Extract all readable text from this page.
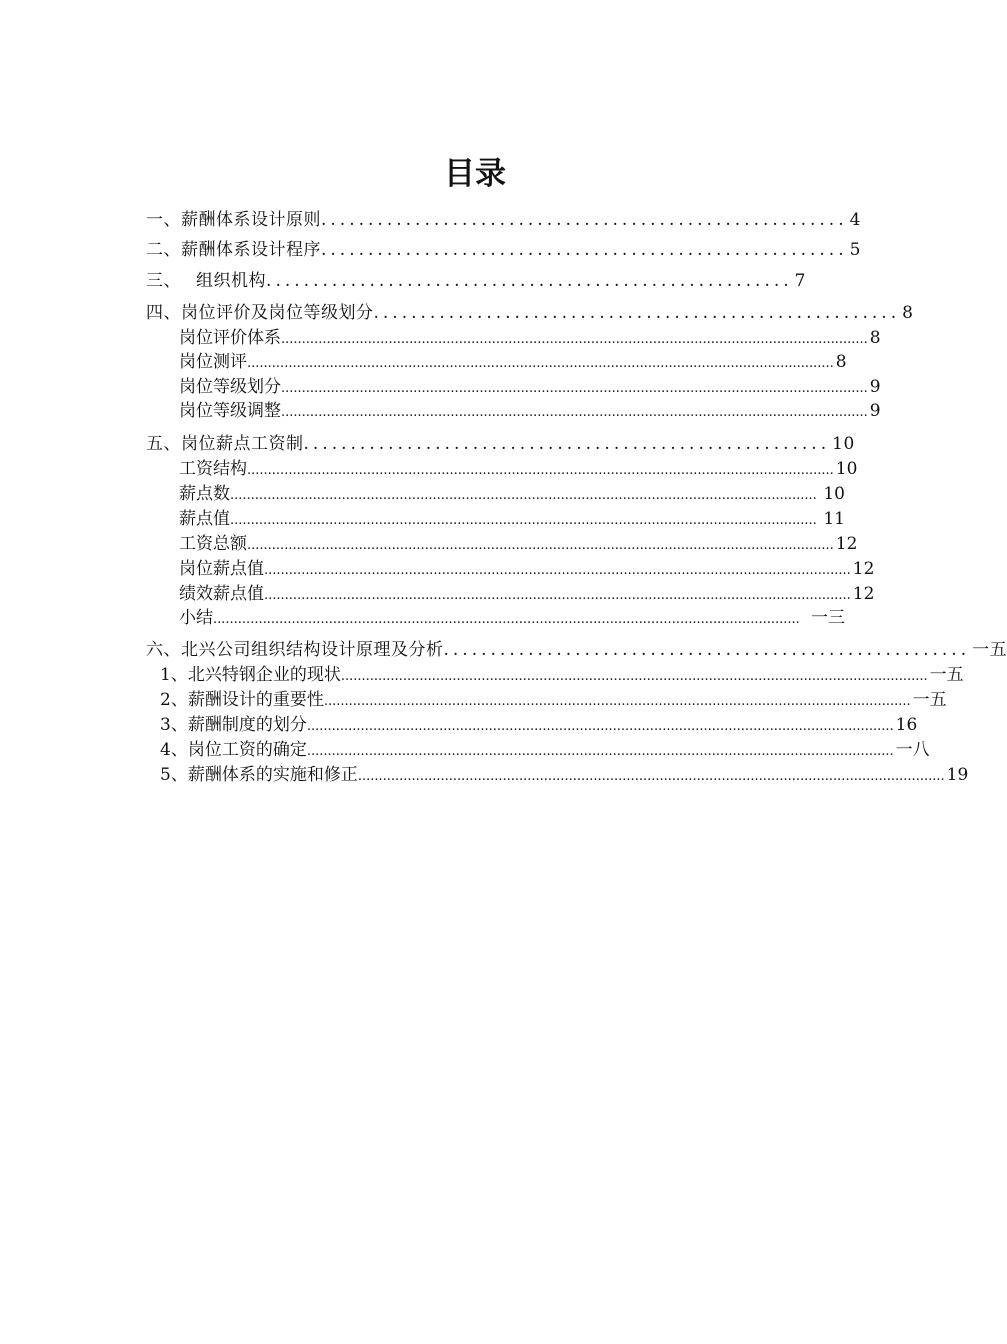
目录
一、 薪酬体系设计原则 ........................................................ 4
二、 薪酬体系设计程序 ........................................................ 5
三、 组织机构 ........................................................ 7
四、 岗位评价及岗位等级划分 ........................................................ 8
岗位评价体系 .............................................................................................................................................. 8
岗位测评 .............................................................................................................................................. 8
岗位等级划分 .............................................................................................................................................. 9
岗位等级调整 .............................................................................................................................................. 9
五、 岗位薪点工资制 ........................................................ 10
工资结构 .............................................................................................................................................. 10
薪点数 .............................................................................................................................................. 10
薪点值 .............................................................................................................................................. 11
工资总额 .............................................................................................................................................. 12
岗位薪点值 .............................................................................................................................................. 12
绩效薪点值 .............................................................................................................................................. 12
小结 .............................................................................................................................................. 一三
六、 北兴公司组织结构设计原理及分析 ........................................................ 一五
1、北兴特钢企业的现状 .............................................................................................................................................. 一五
2、薪酬设计的重要性 .............................................................................................................................................. 一五
3、薪酬制度的划分 .............................................................................................................................................. 16
4、岗位工资的确定 .............................................................................................................................................. 一八
5、薪酬体系的实施和修正 .............................................................................................................................................. 19
